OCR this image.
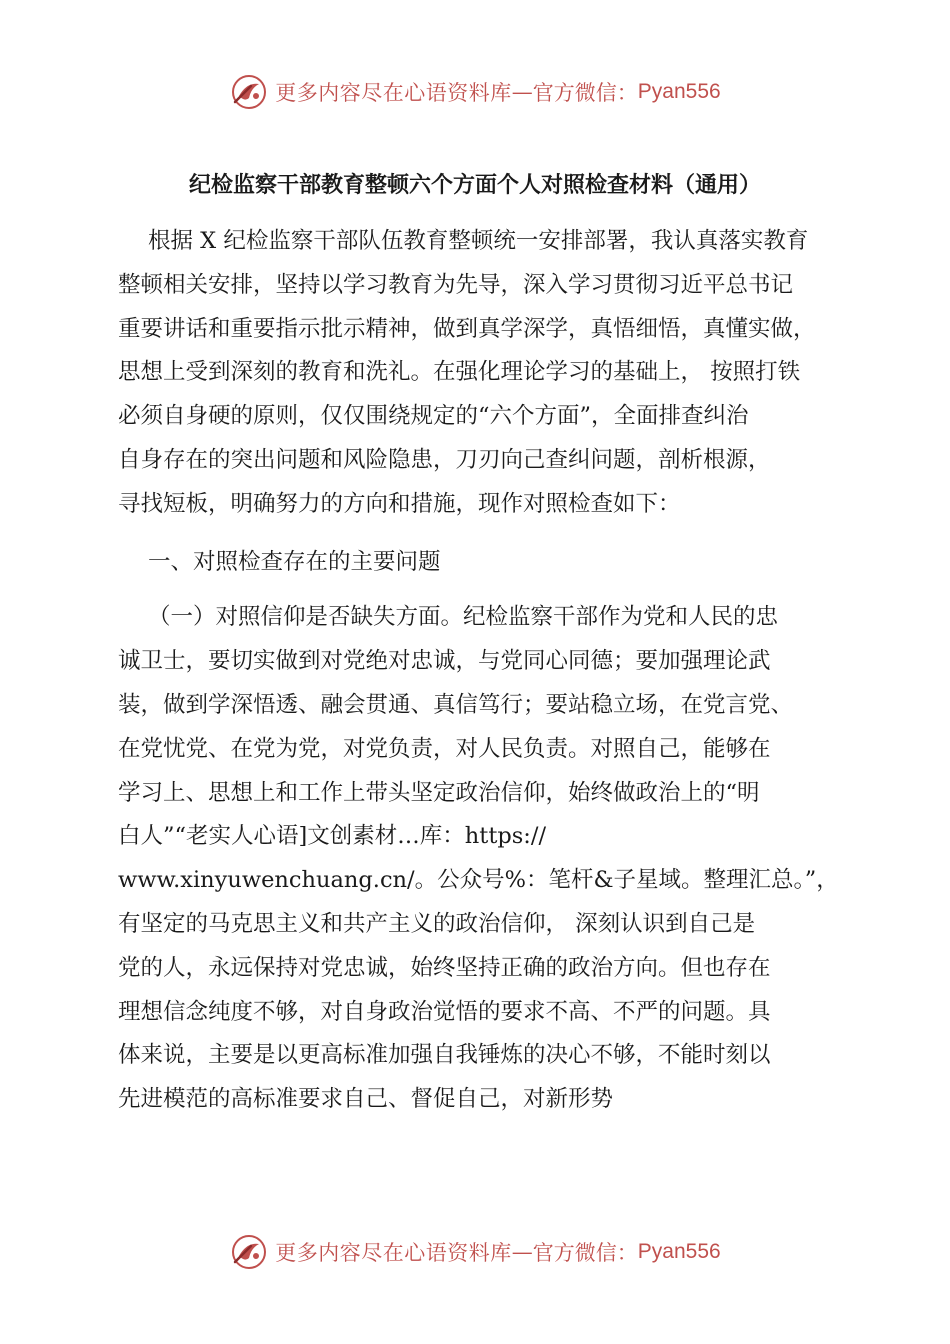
更多内容尽在心语资料库 — 官方微信： Pyan556
纪检监察干部教育整顿六个方面个人对照检查材料（通用）
根据 X 纪检监察干部队伍教育整顿统一安排部署，我认真落实教育
整顿相关安排，坚持以学习教育为先导，深入学习贯彻习近平总书记
重要讲话和重要指示批示精神，做到真学深学，真悟细悟，真懂实做，
思想上受到深刻的教育和洗礼。在强化理论学习的基础上， 按照打铁
必须自身硬的原则，仅仅围绕规定的“六个方面”，全面排查纠治
自身存在的突出问题和风险隐患，刀刃向己查纠问题，剖析根源，
寻找短板，明确努力的方向和措施，现作对照检查如下：
一、对照检查存在的主要问题
（一）对照信仰是否缺失方面。纪检监察干部作为党和人民的忠
诚卫士，要切实做到对党绝对忠诚，与党同心同德；要加强理论武
装，做到学深悟透、融会贯通、真信笃行；要站稳立场，在党言党、
在党忧党、在党为党，对党负责，对人民负责。对照自己，能够在
学习上、思想上和工作上带头坚定政治信仰，始终做政治上的“明
白人”“老实人心语]文创素材…库：https://
www.xinyuwenchuang.cn/。公众号%：笔杆&子星域。整理汇总。”，
有坚定的马克思主义和共产主义的政治信仰， 深刻认识到自己是
党的人，永远保持对党忠诚，始终坚持正确的政治方向。但也存在
理想信念纯度不够，对自身政治觉悟的要求不高、不严的问题。具
体来说，主要是以更高标准加强自我锤炼的决心不够，不能时刻以
先进模范的高标准要求自己、督促自己，对新形势
更多内容尽在心语资料库 — 官方微信： Pyan556
